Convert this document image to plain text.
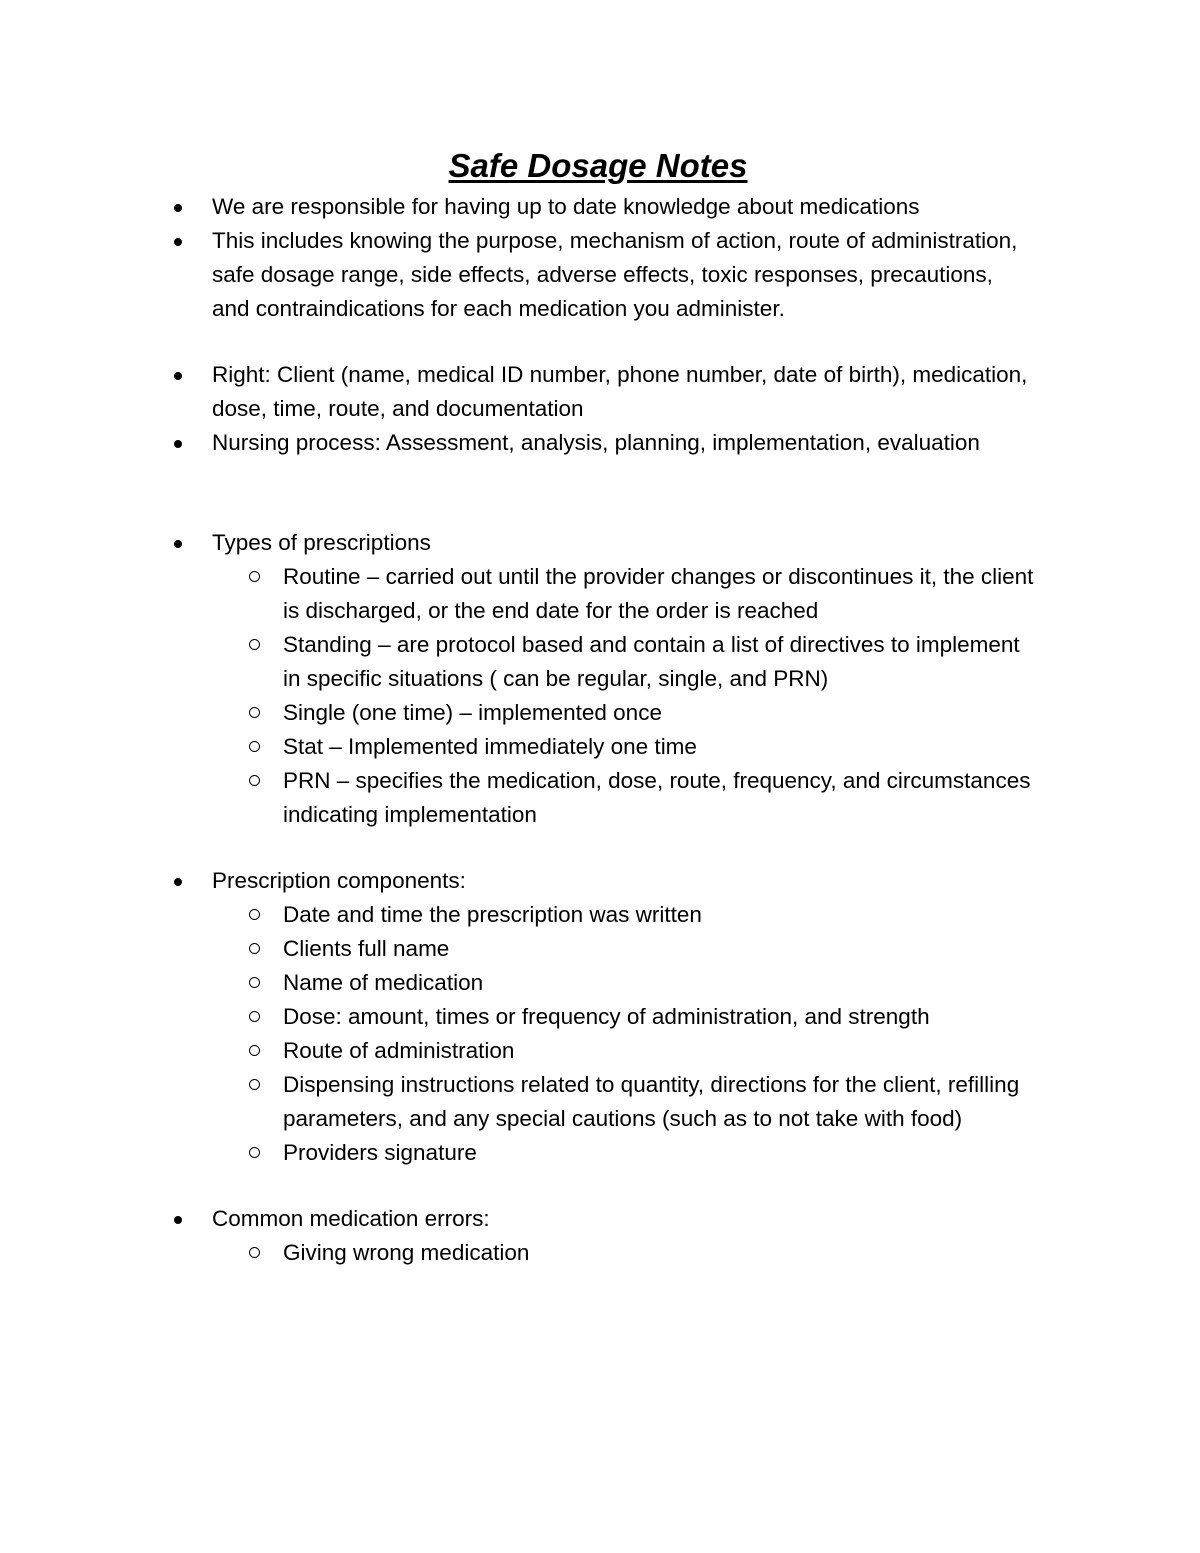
Safe Dosage Notes
We are responsible for having up to date knowledge about medications
This includes knowing the purpose, mechanism of action, route of administration, safe dosage range, side effects, adverse effects, toxic responses, precautions, and contraindications for each medication you administer.
Right: Client (name, medical ID number, phone number, date of birth), medication, dose, time, route, and documentation
Nursing process: Assessment, analysis, planning, implementation, evaluation
Types of prescriptions
Routine – carried out until the provider changes or discontinues it, the client is discharged, or the end date for the order is reached
Standing – are protocol based and contain a list of directives to implement in specific situations ( can be regular, single, and PRN)
Single (one time) – implemented once
Stat – Implemented immediately one time
PRN – specifies the medication, dose, route, frequency, and circumstances indicating implementation
Prescription components:
Date and time the prescription was written
Clients full name
Name of medication
Dose: amount, times or frequency of administration, and strength
Route of administration
Dispensing instructions related to quantity, directions for the client, refilling parameters, and any special cautions (such as to not take with food)
Providers signature
Common medication errors:
Giving wrong medication
